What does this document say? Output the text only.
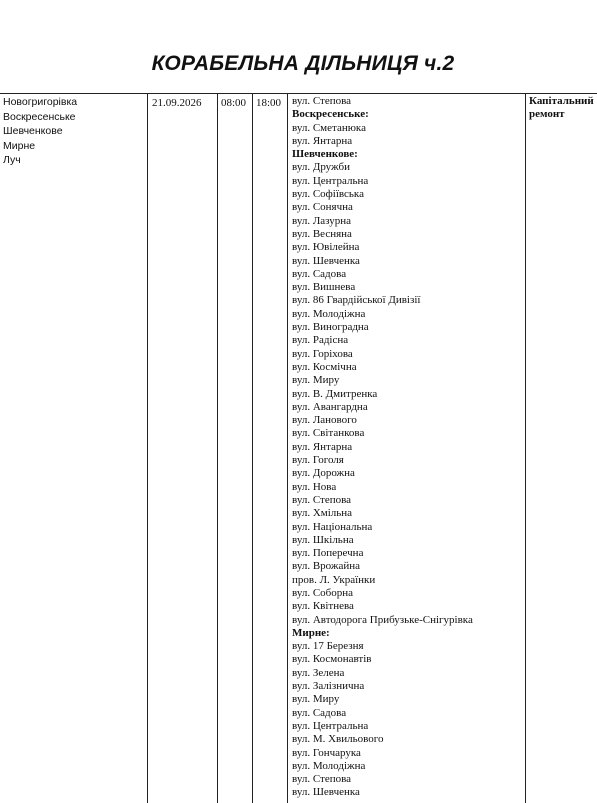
КОРАБЕЛЬНА ДІЛЬНИЦЯ ч.2
Новогригорівка
Воскресенське
Шевченкове
Мирне
Луч
21.09.2026 08:00 18:00 вул. Степова
Воскресенське:
вул. Сметанюка
вул. Янтарна
Шевченкове:
вул. Дружби
вул. Центральна
вул. Софіївська
вул. Сонячна
вул. Лазурна
вул. Весняна
вул. Ювілейна
вул. Шевченка
вул. Садова
вул. Вишнева
вул. 86 Гвардійської Дивізії
вул. Молодіжна
вул. Виноградна
вул. Радісна
вул. Горіхова
вул. Космічна
вул. Миру
вул. В. Дмитренка
вул. Авангардна
вул. Ланового
вул. Світанкова
вул. Янтарна
вул. Гоголя
вул. Дорожна
вул. Нова
вул. Степова
вул. Хмільна
вул. Національна
вул. Шкільна
вул. Поперечна
вул. Врожайна
пров. Л. Українки
вул. Соборна
вул. Квітнева
вул. Автодорога Прибузьке-Снігурівка
Мирне:
вул. 17 Березня
вул. Космонавтів
вул. Зелена
вул. Залізнична
вул. Миру
вул. Садова
вул. Центральна
вул. М. Хвильового
вул. Гончарука
вул. Молодіжна
вул. Степова
вул. Шевченка
Капітальний ремонт
